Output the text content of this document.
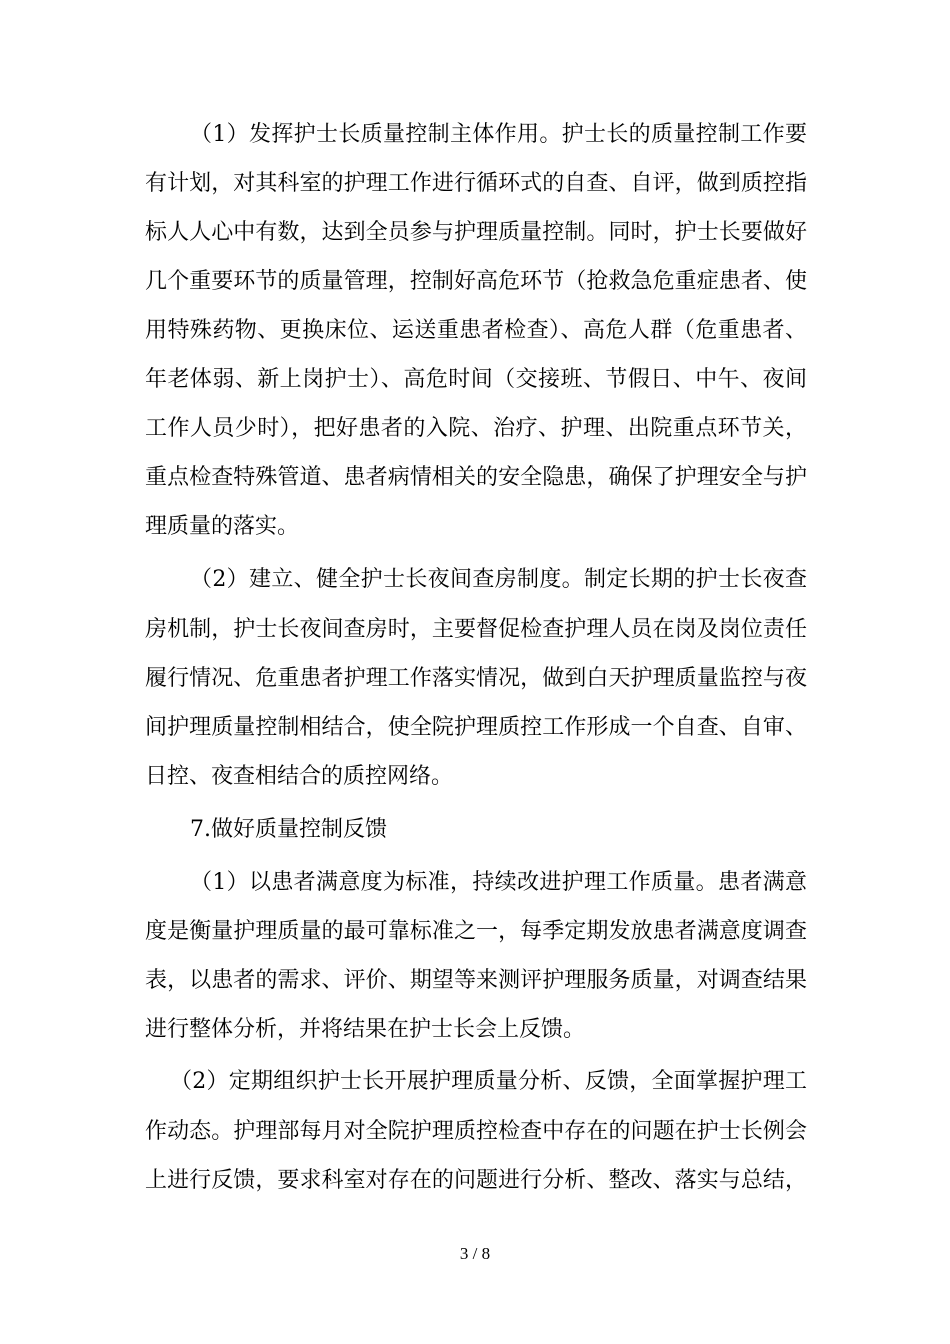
（1）发挥护士长质量控制主体作用。护士长的质量控制工作要
有计划，对其科室的护理工作进行循环式的自查、自评，做到质控指
标人人心中有数，达到全员参与护理质量控制。同时，护士长要做好
几个重要环节的质量管理，控制好高危环节（抢救急危重症患者、使
用特殊药物、更换床位、运送重患者检查）、高危人群（危重患者、
年老体弱、新上岗护士）、高危时间（交接班、节假日、中午、夜间
工作人员少时），把好患者的入院、治疗、护理、出院重点环节关，
重点检查特殊管道、患者病情相关的安全隐患，确保了护理安全与护
理质量的落实。
（2）建立、健全护士长夜间查房制度。制定长期的护士长夜查
房机制，护士长夜间查房时，主要督促检查护理人员在岗及岗位责任
履行情况、危重患者护理工作落实情况，做到白天护理质量监控与夜
间护理质量控制相结合，使全院护理质控工作形成一个自查、自审、
日控、夜查相结合的质控网络。
7.做好质量控制反馈
（1）以患者满意度为标准，持续改进护理工作质量。患者满意
度是衡量护理质量的最可靠标准之一，每季定期发放患者满意度调查
表，以患者的需求、评价、期望等来测评护理服务质量，对调查结果
进行整体分析，并将结果在护士长会上反馈。
（2）定期组织护士长开展护理质量分析、反馈，全面掌握护理工
作动态。护理部每月对全院护理质控检查中存在的问题在护士长例会
上进行反馈，要求科室对存在的问题进行分析、整改、落实与总结，
3 / 8
